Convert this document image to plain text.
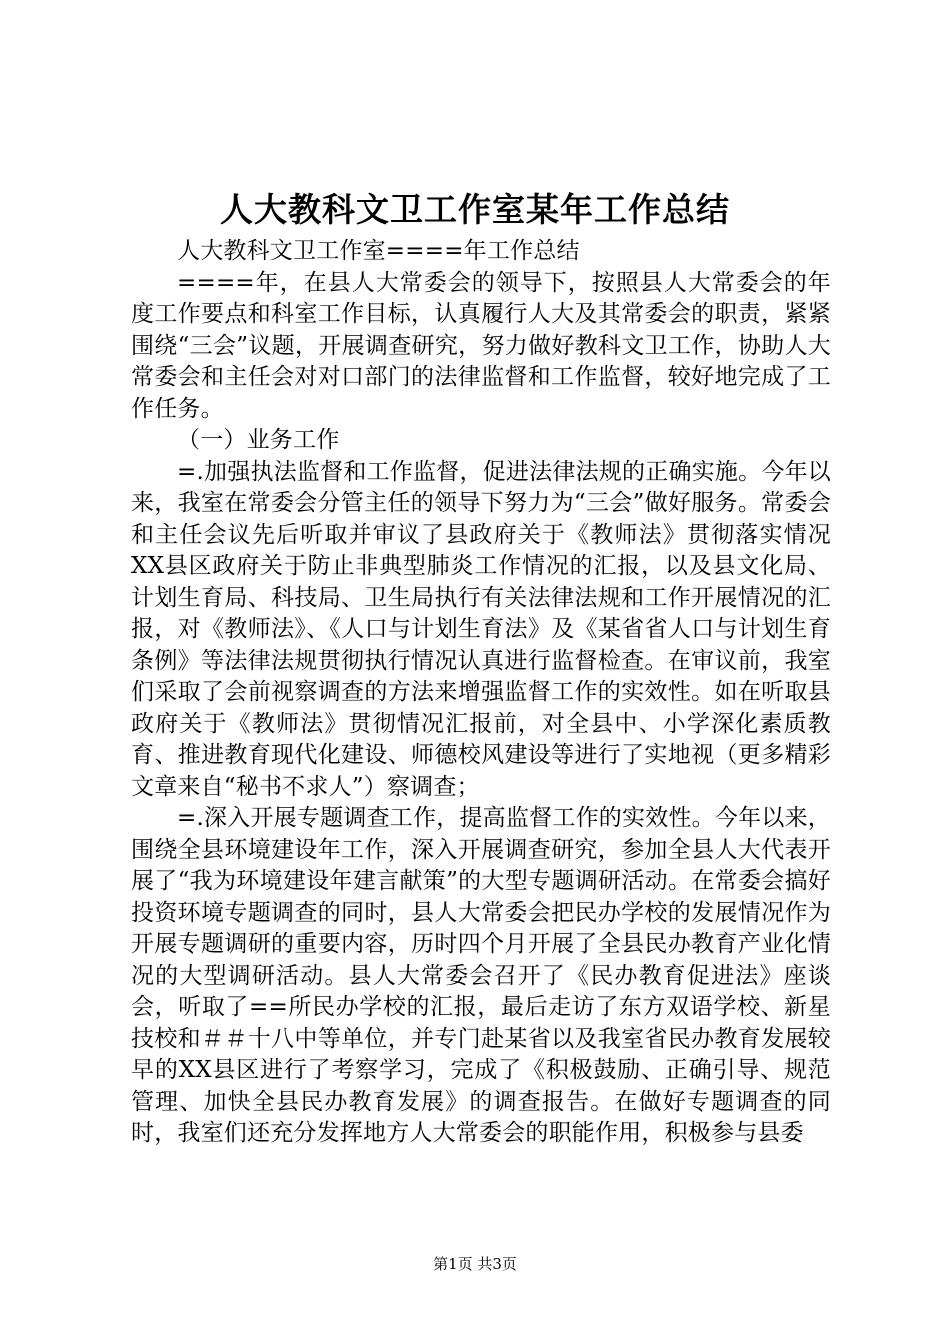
人大教科文卫工作室某年工作总结

人大教科文卫工作室====年工作总结

====年，在县人大常委会的领导下，按照县人大常委会的年度工作要点和科室工作目标，认真履行人大及其常委会的职责，紧紧围绕“三会”议题，开展调查研究，努力做好教科文卫工作，协助人大常委会和主任会对对口部门的法律监督和工作监督，较好地完成了工作任务。

（一）业务工作

=.加强执法监督和工作监督，促进法律法规的正确实施。今年以来，我室在常委会分管主任的领导下努力为“三会”做好服务。常委会和主任会议先后听取并审议了县政府关于《教师法》贯彻落实情况XX县区政府关于防止非典型肺炎工作情况的汇报，以及县文化局、计划生育局、科技局、卫生局执行有关法律法规和工作开展情况的汇报，对《教师法》、《人口与计划生育法》及《某省省人口与计划生育条例》等法律法规贯彻执行情况认真进行监督检查。在审议前，我室们采取了会前视察调查的方法来增强监督工作的实效性。如在听取县政府关于《教师法》贯彻情况汇报前，对全县中、小学深化素质教育、推进教育现代化建设、师德校风建设等进行了实地视（更多精彩文章来自“秘书不求人”）察调查；

=.深入开展专题调查工作，提高监督工作的实效性。今年以来，围绕全县环境建设年工作，深入开展调查研究，参加全县人大代表开展了“我为环境建设年建言献策”的大型专题调研活动。在常委会搞好投资环境专题调查的同时，县人大常委会把民办学校的发展情况作为开展专题调研的重要内容，历时四个月开展了全县民办教育产业化情况的大型调研活动。县人大常委会召开了《民办教育促进法》座谈会，听取了==所民办学校的汇报，最后走访了东方双语学校、新星技校和＃＃十八中等单位，并专门赴某省以及我室省民办教育发展较早的XX县区进行了考察学习，完成了《积极鼓励、正确引导、规范管理、加快全县民办教育发展》的调查报告。在做好专题调查的同时，我室们还充分发挥地方人大常委会的职能作用，积极参与县委

第1页 共3页
